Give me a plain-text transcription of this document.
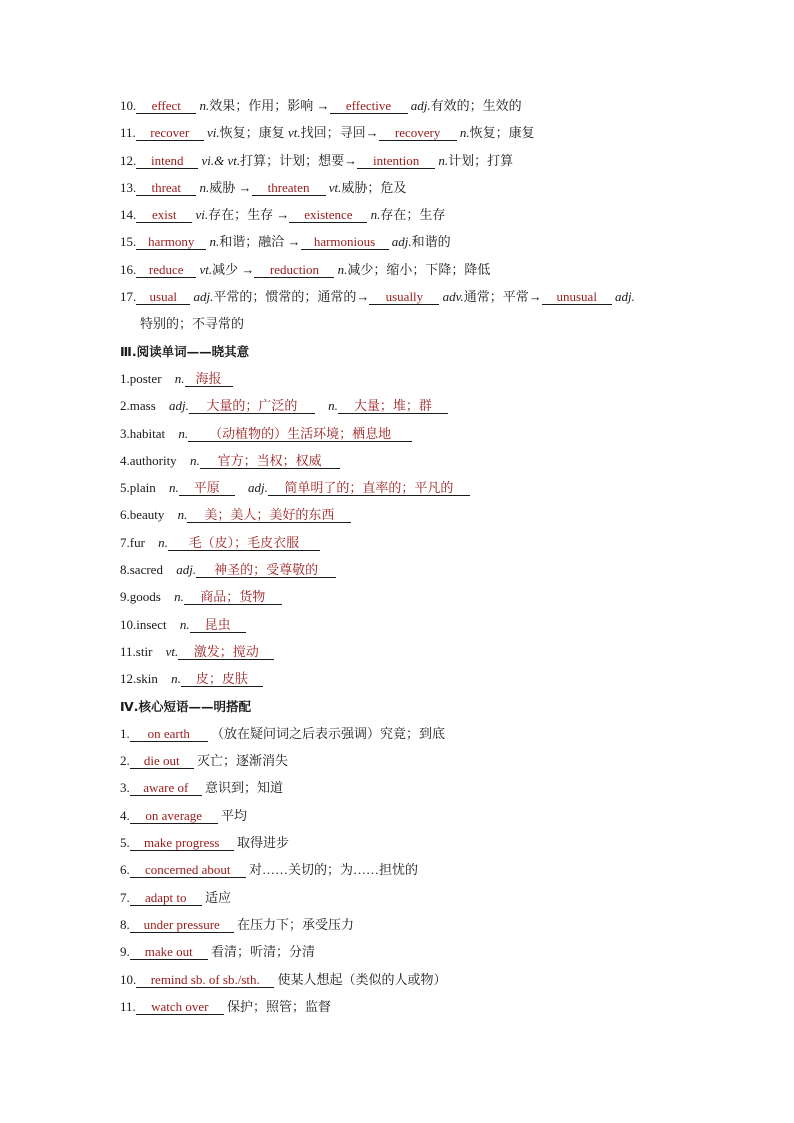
10. effect n.效果；作用；影响 → effective adj.有效的；生效的
11. recover vi.恢复；康复 vt.找回；寻回→ recovery n.恢复；康复
12. intend vi.& vt.打算；计划；想要→ intention n.计划；打算
13. threat n.威胁 → threaten vt.威胁；危及
14. exist vi.存在；生存 → existence n.存在；生存
15. harmony n.和谐；融洽 → harmonious adj.和谐的
16. reduce vt.减少 → reduction n.减少；缩小；下降；降低
17. usual adj.平常的；惯常的；通常的→ usually adv.通常；平常→ unusual adj.
特别的；不寻常的
Ⅲ.阅读单词——晓其意
1.poster n. 海报
2.mass adj. 大量的；广泛的 n. 大量；堆；群
3.habitat n. （动植物的）生活环境；栖息地
4.authority n. 官方；当权；权威
5.plain n. 平原 adj. 简单明了的；直率的；平凡的
6.beauty n. 美；美人；美好的东西
7.fur n. 毛（皮）；毛皮衣服
8.sacred adj. 神圣的；受尊敬的
9.goods n. 商品；货物
10.insect n. 昆虫
11.stir vt. 激发；搅动
12.skin n. 皮；皮肤
Ⅳ.核心短语——明搭配
1. on earth （放在疑问词之后表示强调）究竟；到底
2. die out 灭亡；逐渐消失
3. aware of 意识到；知道
4. on average 平均
5. make progress 取得进步
6. concerned about 对……关切的；为……担忧的
7. adapt to 适应
8. under pressure 在压力下；承受压力
9. make out 看清；听清；分清
10. remind sb. of sb./sth. 使某人想起（类似的人或物）
11. watch over 保护；照管；监督
